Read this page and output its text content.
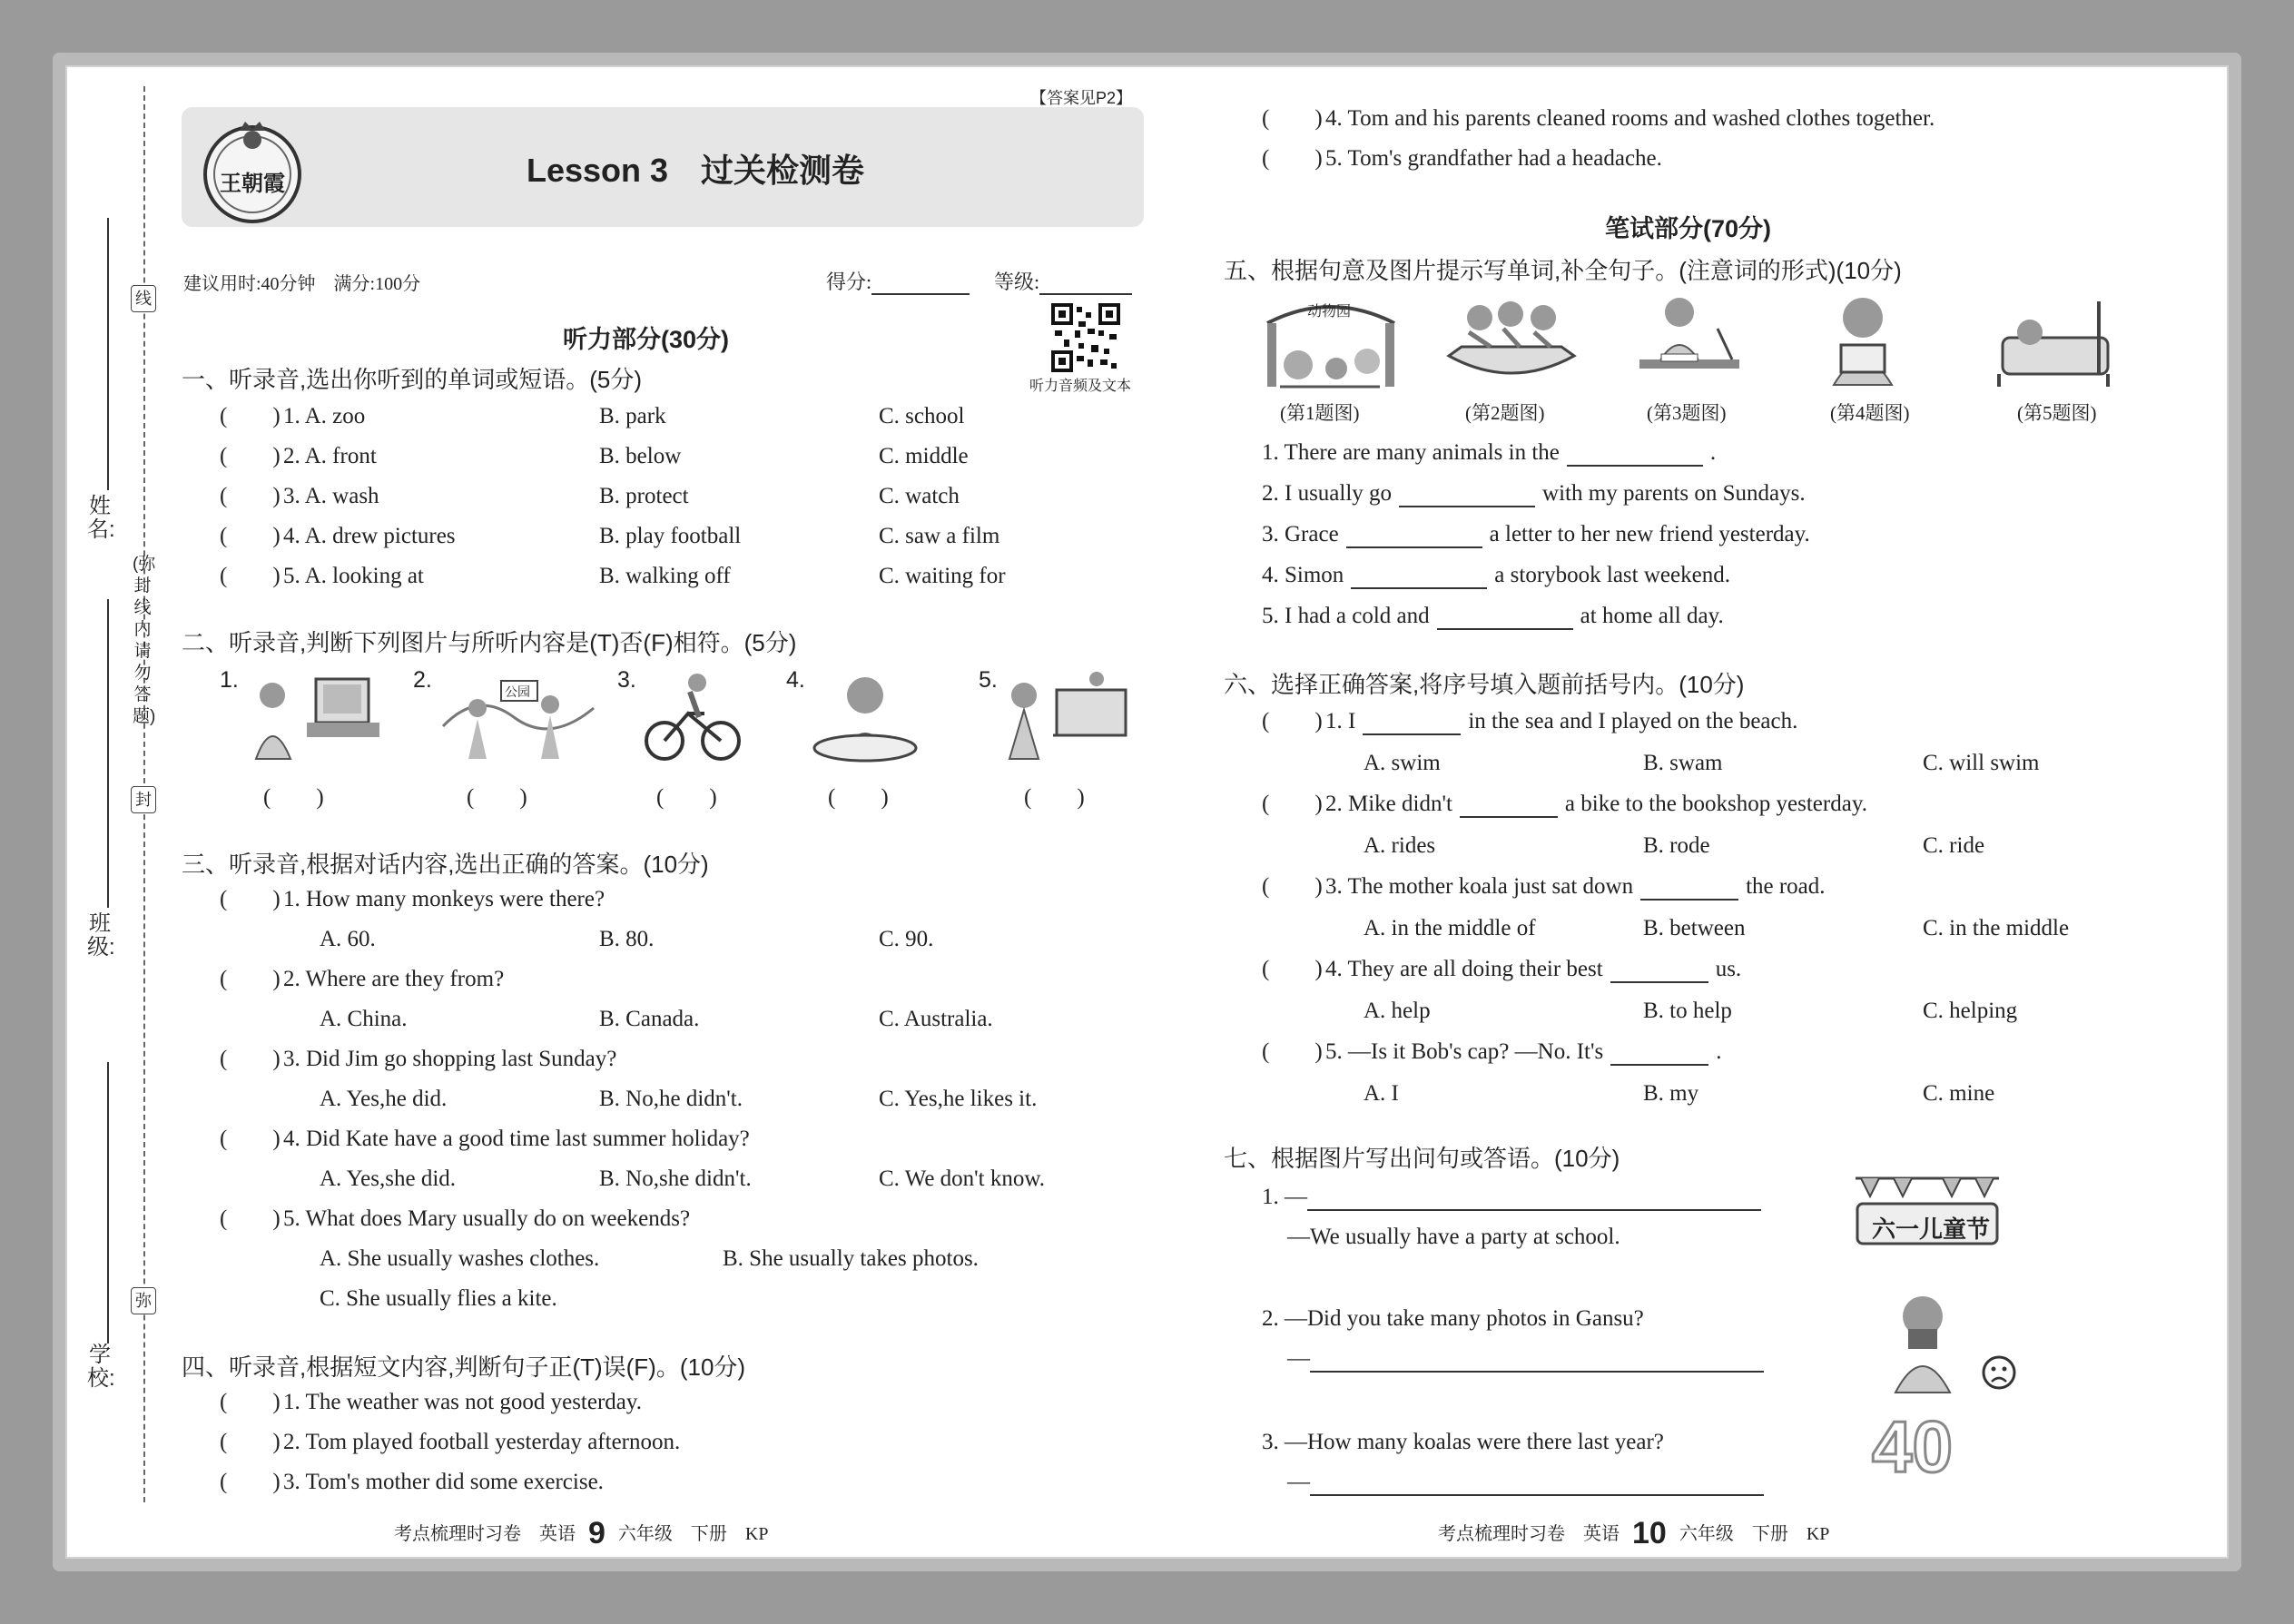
姓名:
班级:
学校:
线
(弥封线内请勿答题)
封
弥
【答案见P2】
王朝霞	Lesson 3　过关检测卷
建议用时:40分钟　满分:100分	得分:	等级:
听力音频及文本
听力部分(30分)
一、听录音,选出你听到的单词或短语。(5分)
(　　) 1. A. zoo	B. park	C. school
(　　) 2. A. front	B. below	C. middle
(　　) 3. A. wash	B. protect	C. watch
(　　) 4. A. drew pictures	B. play football	C. saw a film
(　　) 5. A. looking at	B. walking off	C. waiting for
二、听录音,判断下列图片与所听内容是(T)否(F)相符。(5分)
1.	2.	3.	4.	5.
公园
(　　)	(　　)	(　　)	(　　)	(　　)
三、听录音,根据对话内容,选出正确的答案。(10分)
(　　) 1. How many monkeys were there?
A. 60.	B. 80.	C. 90.
(　　) 2. Where are they from?
A. China.	B. Canada.	C. Australia.
(　　) 3. Did Jim go shopping last Sunday?
A. Yes,he did.	B. No,he didn't.	C. Yes,he likes it.
(　　) 4. Did Kate have a good time last summer holiday?
A. Yes,she did.	B. No,she didn't.	C. We don't know.
(　　) 5. What does Mary usually do on weekends?
A. She usually washes clothes.	B. She usually takes photos.
C. She usually flies a kite.
四、听录音,根据短文内容,判断句子正(T)误(F)。(10分)
(　　) 1. The weather was not good yesterday.
(　　) 2. Tom played football yesterday afternoon.
(　　) 3. Tom's mother did some exercise.
考点梳理时习卷　英语 9 六年级　下册　KP
(　　) 4. Tom and his parents cleaned rooms and washed clothes together.
(　　) 5. Tom's grandfather had a headache.
笔试部分(70分)
五、根据句意及图片提示写单词,补全句子。(注意词的形式)(10分)
动物园
(第1题图)	(第2题图)	(第3题图)	(第4题图)	(第5题图)
1. There are many animals in the	.
2. I usually go	with my parents on Sundays.
3. Grace	a letter to her new friend yesterday.
4. Simon	a storybook last weekend.
5. I had a cold and	at home all day.
六、选择正确答案,将序号填入题前括号内。(10分)
(　　) 1. I	in the sea and I played on the beach.
A. swim	B. swam	C. will swim
(　　) 2. Mike didn't	a bike to the bookshop yesterday.
A. rides	B. rode	C. ride
(　　) 3. The mother koala just sat down	the road.
A. in the middle of	B. between	C. in the middle
(　　) 4. They are all doing their best	us.
A. help	B. to help	C. helping
(　　) 5. —Is it Bob's cap? —No. It's	.
A. I	B. my	C. mine
七、根据图片写出问句或答语。(10分)
1. —
—We usually have a party at school.	六一儿童节
2. —Did you take many photos in Gansu?
—
3. —How many koalas were there last year?
—	40
考点梳理时习卷　英语 10 六年级　下册　KP
